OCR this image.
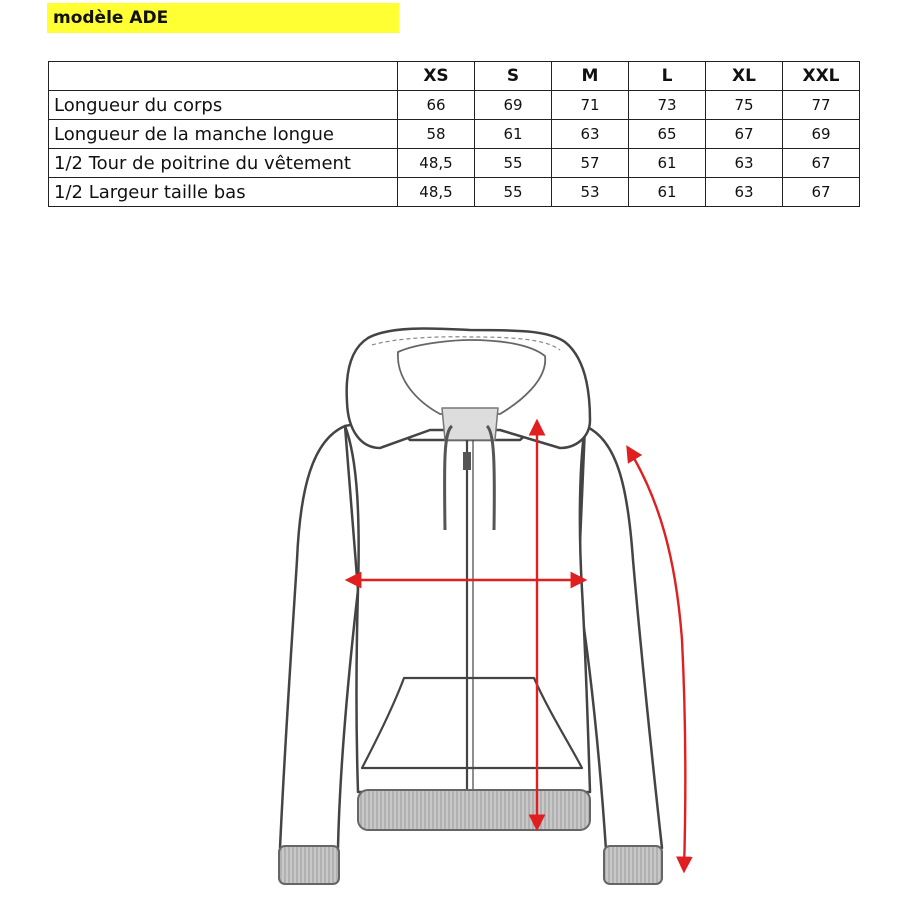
modèle ADE
	XS	S	M	L	XL	XXL
Longueur du corps	66	69	71	73	75	77
Longueur de la manche longue	58	61	63	65	67	69
1/2 Tour de poitrine du vêtement	48,5	55	57	61	63	67
1/2 Largeur taille bas	48,5	55	53	61	63	67
